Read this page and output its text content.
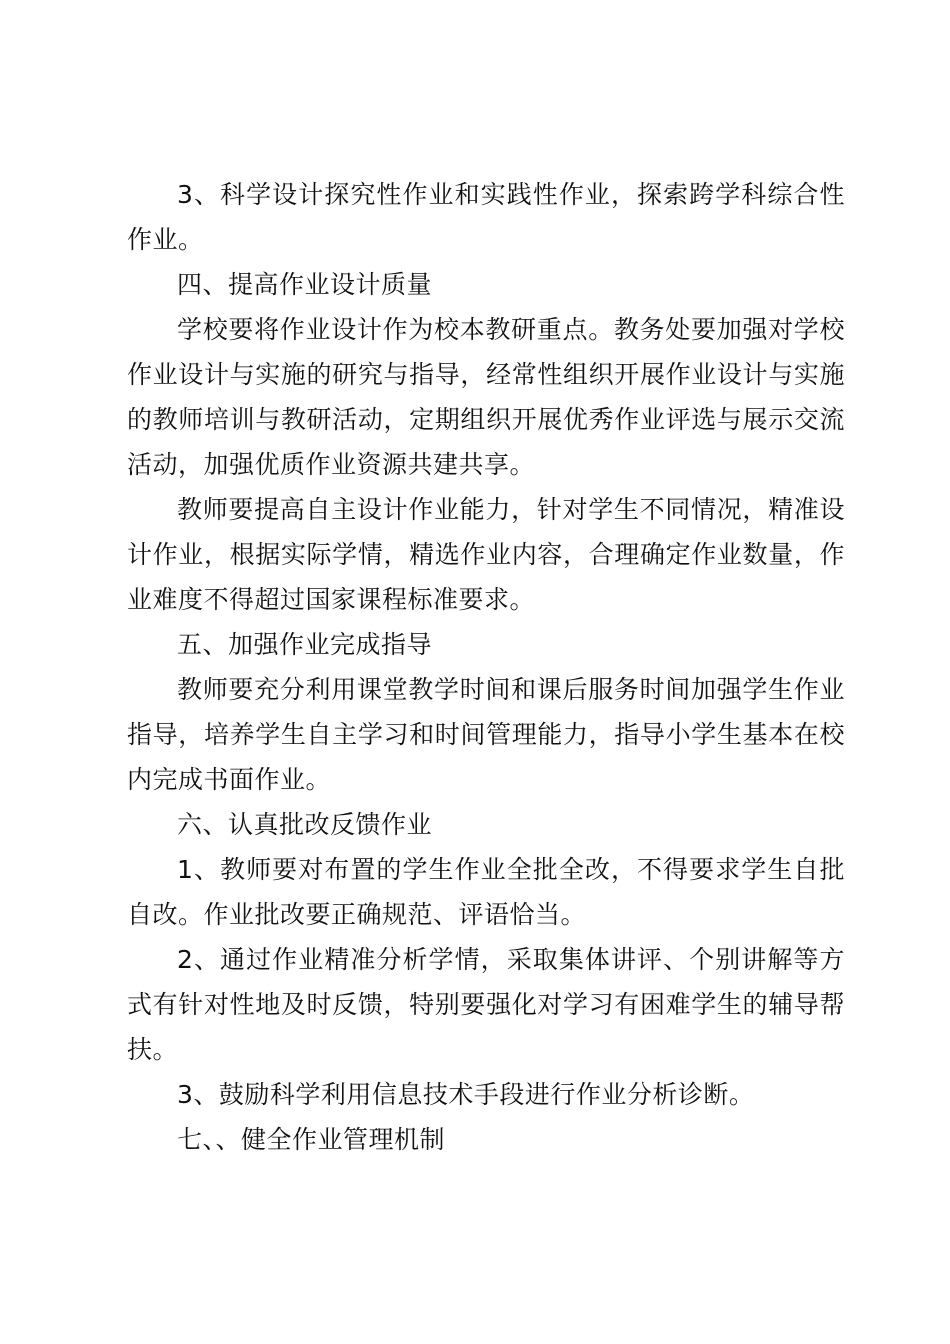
3、科学设计探究性作业和实践性作业，探索跨学科综合性作业。

四、提高作业设计质量

学校要将作业设计作为校本教研重点。教务处要加强对学校作业设计与实施的研究与指导，经常性组织开展作业设计与实施的教师培训与教研活动，定期组织开展优秀作业评选与展示交流活动，加强优质作业资源共建共享。

教师要提高自主设计作业能力，针对学生不同情况，精准设计作业，根据实际学情，精选作业内容，合理确定作业数量，作业难度不得超过国家课程标准要求。

五、加强作业完成指导

教师要充分利用课堂教学时间和课后服务时间加强学生作业指导，培养学生自主学习和时间管理能力，指导小学生基本在校内完成书面作业。

六、认真批改反馈作业

1、教师要对布置的学生作业全批全改，不得要求学生自批自改。作业批改要正确规范、评语恰当。

2、通过作业精准分析学情，采取集体讲评、个别讲解等方式有针对性地及时反馈，特别要强化对学习有困难学生的辅导帮扶。

3、鼓励科学利用信息技术手段进行作业分析诊断。

七、、健全作业管理机制
